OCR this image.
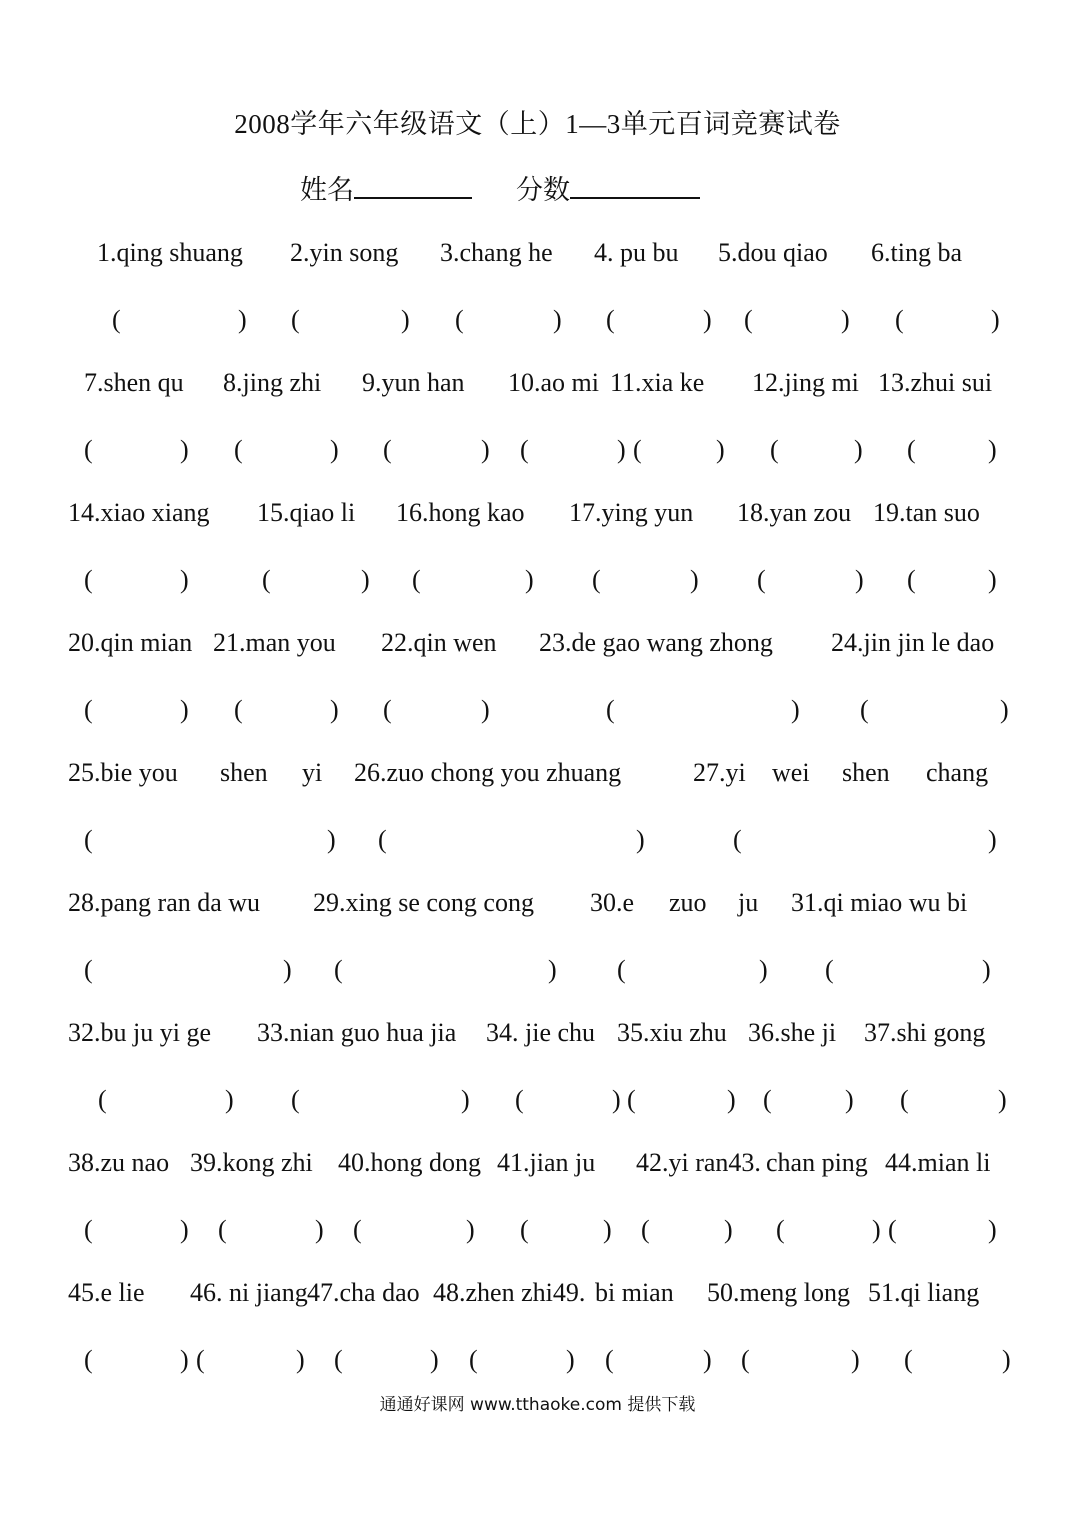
2008学年六年级语文（上）1—3单元百词竞赛试卷
姓名	分数
1.qing shuang 2.yin song 3.chang he 4. pu bu 5.dou qiao 6.ting ba
(	) (	) (	) (	) (	) (	)
7.shen qu 8.jing zhi 9.yun han 10.ao mi 11.xia ke 12.jing mi 13.zhui sui
(	) (	) (	) (	) (	) (	) (	)
14.xiao xiang 15.qiao li 16.hong kao 17.ying yun 18.yan zou 19.tan suo
(	)	(	) (	) (	) (	) (	)
20.qin mian 21.man you 22.qin wen 23.de gao wang zhong 24.jin jin le dao
(	) (	) (	)	(	) (	)
25.bie you shen yi 26.zuo chong you zhuang	27.yi wei shen chang
(	) (	)	(	)
28.pang ran da wu 29.xing se cong cong 30.e zuo ju 31.qi miao wu bi
(	) (	) (	) (	)
32.bu ju yi ge 33.nian guo hua jia 34. jie chu 35.xiu zhu 36.she ji 37.shi gong
(	) (	) (	) (	) (	) (	)
38.zu nao 39.kong zhi 40.hong dong 41.jian ju 42.yi ran43. chan ping 44.mian li
(	) (	) (	) (	) (	) (	) (	)
45.e lie 46. ni jiang 47.cha dao 48.zhen zhi49. bi mian 50.meng long 51.qi liang
(	) (	) (	) (	) (	) (	) (	)
通通好课网 www.tthaoke.com 提供下载
